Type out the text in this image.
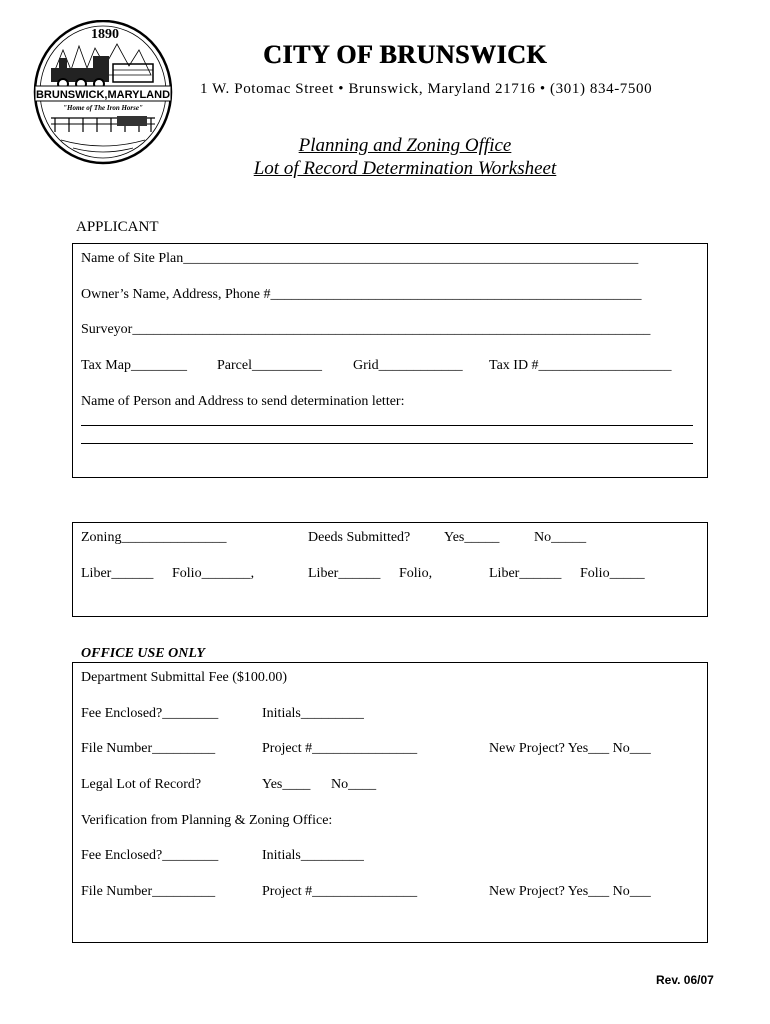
1890
BRUNSWICK,MARYLAND
"Home of The Iron Horse"
CITY OF BRUNSWICK
1 W. Potomac Street • Brunswick, Maryland 21716 • (301) 834-7500
Planning and Zoning Office
Lot of Record Determination Worksheet
APPLICANT
Name of Site Plan_________________________________________________________________
Owner’s Name, Address, Phone #_____________________________________________________
Surveyor__________________________________________________________________________
Tax Map________ Parcel__________ Grid____________ Tax ID #___________________
Name of Person and Address to send determination letter:
Zoning_______________	Deeds Submitted? Yes_____ No_____
Liber______ Folio_______,	Liber______ Folio,	Liber______ Folio_____
OFFICE USE ONLY
Department Submittal Fee ($100.00)
Fee Enclosed?________	Initials_________
File Number_________	Project #_______________	New Project? Yes___ No___
Legal Lot of Record?	Yes____ No____
Verification from Planning & Zoning Office:
Fee Enclosed?________	Initials_________
File Number_________	Project #_______________	New Project? Yes___ No___
Rev. 06/07
